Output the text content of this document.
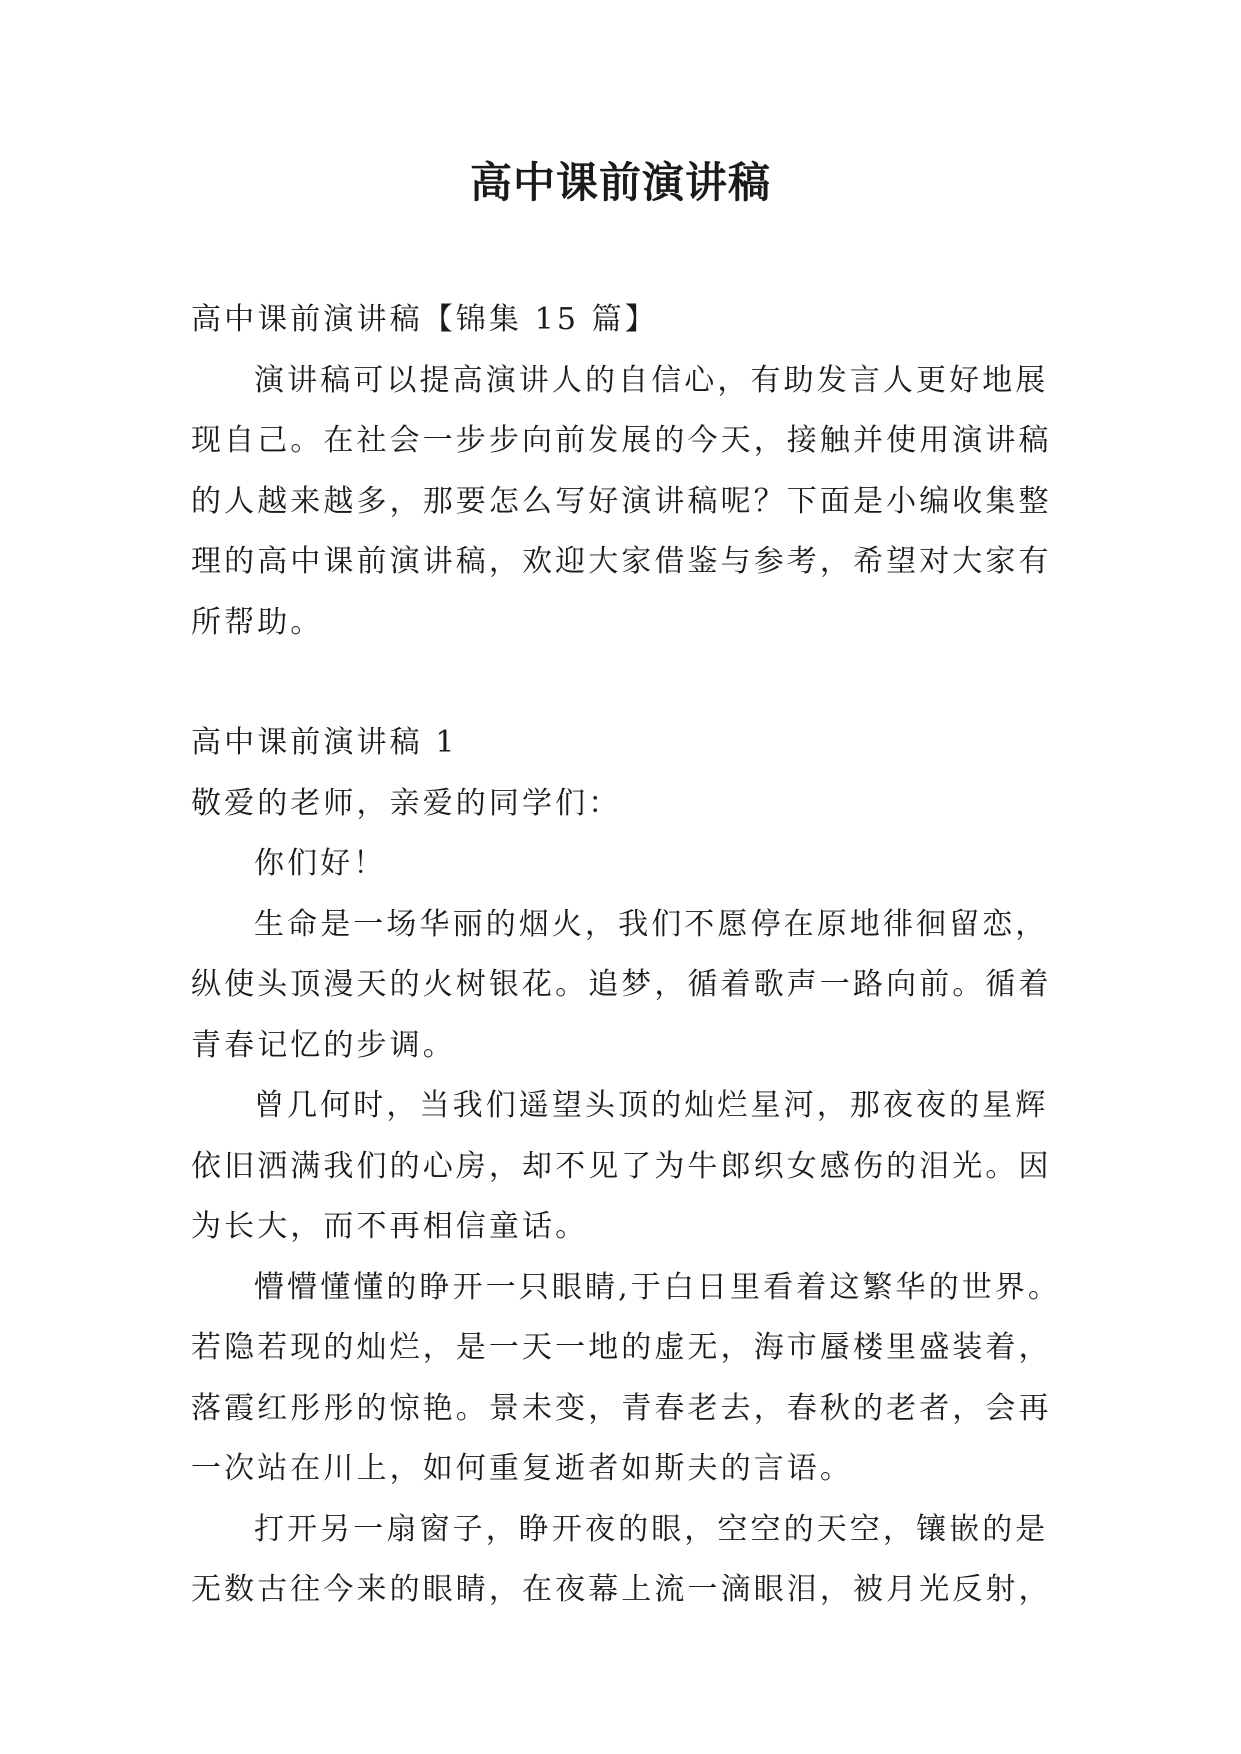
高中课前演讲稿

高中课前演讲稿【锦集 15 篇】

演讲稿可以提高演讲人的自信心，有助发言人更好地展

现自己。在社会一步步向前发展的今天，接触并使用演讲稿

的人越来越多，那要怎么写好演讲稿呢？下面是小编收集整

理的高中课前演讲稿，欢迎大家借鉴与参考，希望对大家有

所帮助。

高中课前演讲稿 1

敬爱的老师，亲爱的同学们：

你们好！

生命是一场华丽的烟火，我们不愿停在原地徘徊留恋，

纵使头顶漫天的火树银花。追梦，循着歌声一路向前。循着

青春记忆的步调。

曾几何时，当我们遥望头顶的灿烂星河，那夜夜的星辉

依旧洒满我们的心房，却不见了为牛郎织女感伤的泪光。因

为长大，而不再相信童话。

懵懵懂懂的睁开一只眼睛,于白日里看着这繁华的世界。

若隐若现的灿烂，是一天一地的虚无，海市蜃楼里盛装着，

落霞红彤彤的惊艳。景未变，青春老去，春秋的老者，会再

一次站在川上，如何重复逝者如斯夫的言语。

打开另一扇窗子，睁开夜的眼，空空的天空，镶嵌的是

无数古往今来的眼睛，在夜幕上流一滴眼泪，被月光反射，
